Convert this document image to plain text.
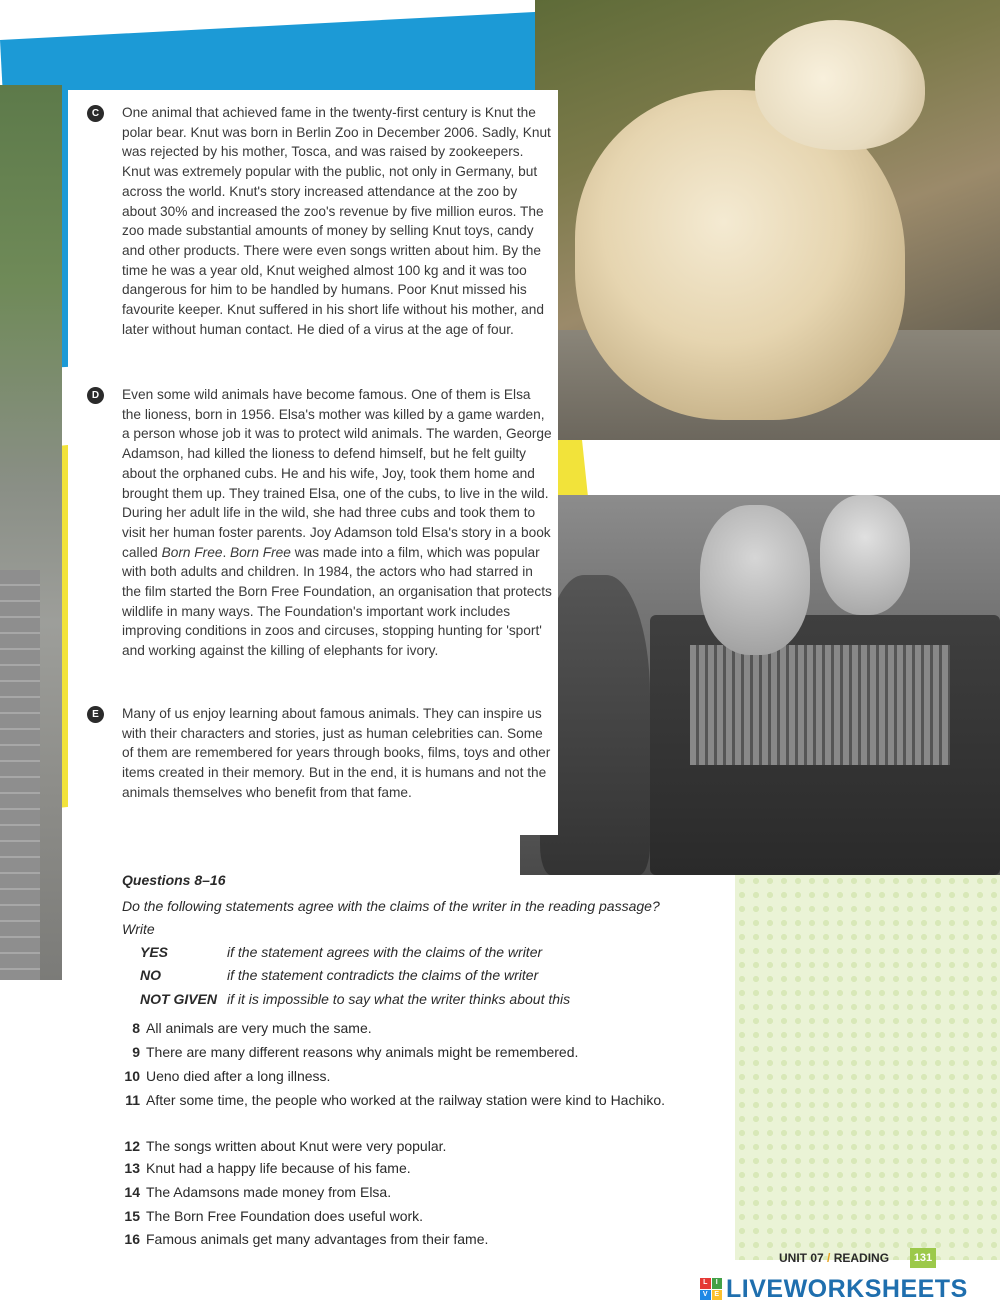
C	One animal that achieved fame in the twenty-first century is Knut the polar bear. Knut was born in Berlin Zoo in December 2006. Sadly, Knut was rejected by his mother, Tosca, and was raised by zookeepers. Knut was extremely popular with the public, not only in Germany, but across the world. Knut's story increased attendance at the zoo by about 30% and increased the zoo's revenue by five million euros. The zoo made substantial amounts of money by selling Knut toys, candy and other products. There were even songs written about him. By the time he was a year old, Knut weighed almost 100 kg and it was too dangerous for him to be handled by humans. Poor Knut missed his favourite keeper. Knut suffered in his short life without his mother, and later without human contact. He died of a virus at the age of four.

D	Even some wild animals have become famous. One of them is Elsa the lioness, born in 1956. Elsa's mother was killed by a game warden, a person whose job it was to protect wild animals. The warden, George Adamson, had killed the lioness to defend himself, but he felt guilty about the orphaned cubs. He and his wife, Joy, took them home and brought them up. They trained Elsa, one of the cubs, to live in the wild. During her adult life in the wild, she had three cubs and took them to visit her human foster parents. Joy Adamson told Elsa's story in a book called Born Free. Born Free was made into a film, which was popular with both adults and children. In 1984, the actors who had starred in the film started the Born Free Foundation, an organisation that protects wildlife in many ways. The Foundation's important work includes improving conditions in zoos and circuses, stopping hunting for 'sport' and working against the killing of elephants for ivory.

E	Many of us enjoy learning about famous animals. They can inspire us with their characters and stories, just as human celebrities can. Some of them are remembered for years through books, films, toys and other items created in their memory. But in the end, it is humans and not the animals themselves who benefit from that fame.

Questions 8–16
Do the following statements agree with the claims of the writer in the reading passage?
Write
YES	if the statement agrees with the claims of the writer
NO	if the statement contradicts the claims of the writer
NOT GIVEN if it is impossible to say what the writer thinks about this
8 All animals are very much the same.
9 There are many different reasons why animals might be remembered.
10 Ueno died after a long illness.
11 After some time, the people who worked at the railway station were kind to Hachiko.
12 The songs written about Knut were very popular.
13 Knut had a happy life because of his fame.
14 The Adamsons made money from Elsa.
15 The Born Free Foundation does useful work.
16 Famous animals get many advantages from their fame.
UNIT 07 / READING	131
L	I
V E LIVEWORKSHEETS
